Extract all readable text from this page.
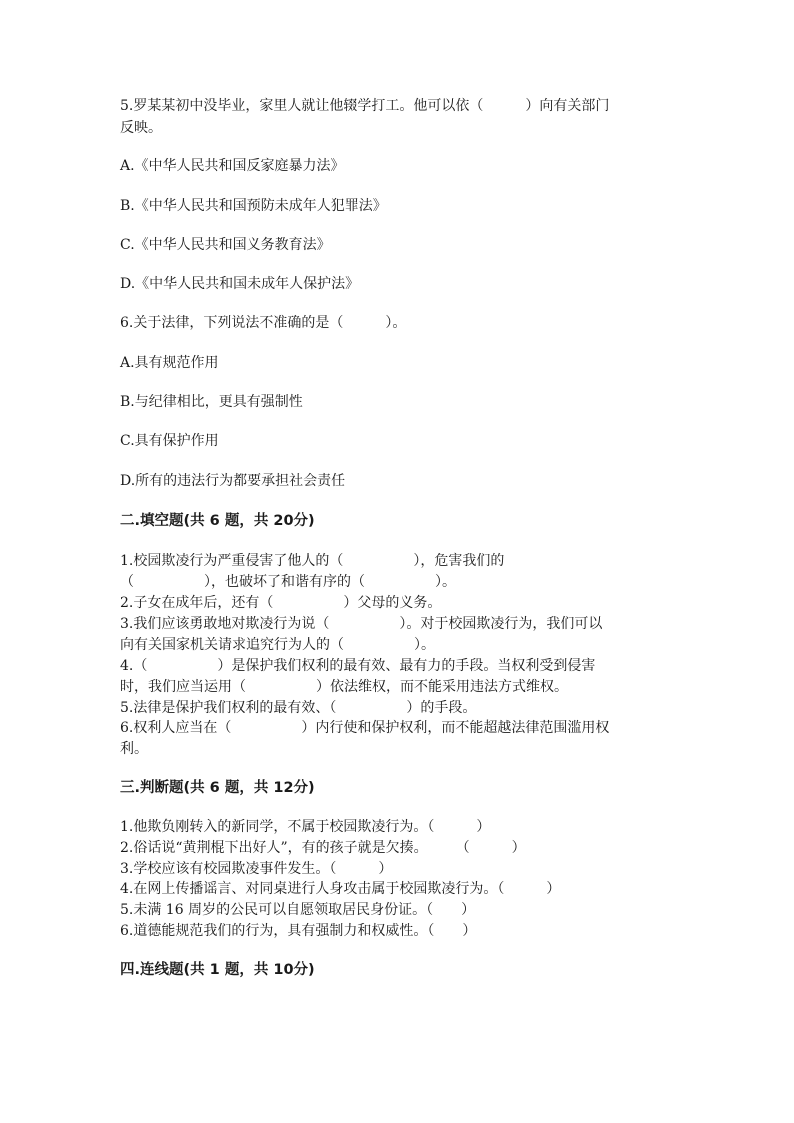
5.罗某某初中没毕业，家里人就让他辍学打工。他可以依（　　　）向有关部门
反映。
A.《中华人民共和国反家庭暴力法》
B.《中华人民共和国预防未成年人犯罪法》
C.《中华人民共和国义务教育法》
D.《中华人民共和国未成年人保护法》
6.关于法律，下列说法不准确的是（　　　）。
A.具有规范作用
B.与纪律相比，更具有强制性
C.具有保护作用
D.所有的违法行为都要承担社会责任
二.填空题(共 6 题，共 20分)
1.校园欺凌行为严重侵害了他人的（　　　　　），危害我们的
（　　　　　），也破坏了和谐有序的（　　　　　）。
2.子女在成年后，还有（　　　　　）父母的义务。
3.我们应该勇敢地对欺凌行为说（　　　　　）。对于校园欺凌行为，我们可以
向有关国家机关请求追究行为人的（　　　　　）。
4.（　　　　　）是保护我们权利的最有效、最有力的手段。当权利受到侵害
时，我们应当运用（　　　　　）依法维权，而不能采用违法方式维权。
5.法律是保护我们权利的最有效、（　　　　　）的手段。
6.权利人应当在（　　　　　）内行使和保护权利，而不能超越法律范围滥用权
利。
三.判断题(共 6 题，共 12分)
1.他欺负刚转入的新同学，不属于校园欺凌行为。（　　　）
2.俗话说“黄荆棍下出好人”，有的孩子就是欠揍。　　　（　　　）
3.学校应该有校园欺凌事件发生。（　　　）
4.在网上传播谣言、对同桌进行人身攻击属于校园欺凌行为。（　　　）
5.未满 16 周岁的公民可以自愿领取居民身份证。（　　）
6.道德能规范我们的行为，具有强制力和权威性。（　　）
四.连线题(共 1 题，共 10分)
